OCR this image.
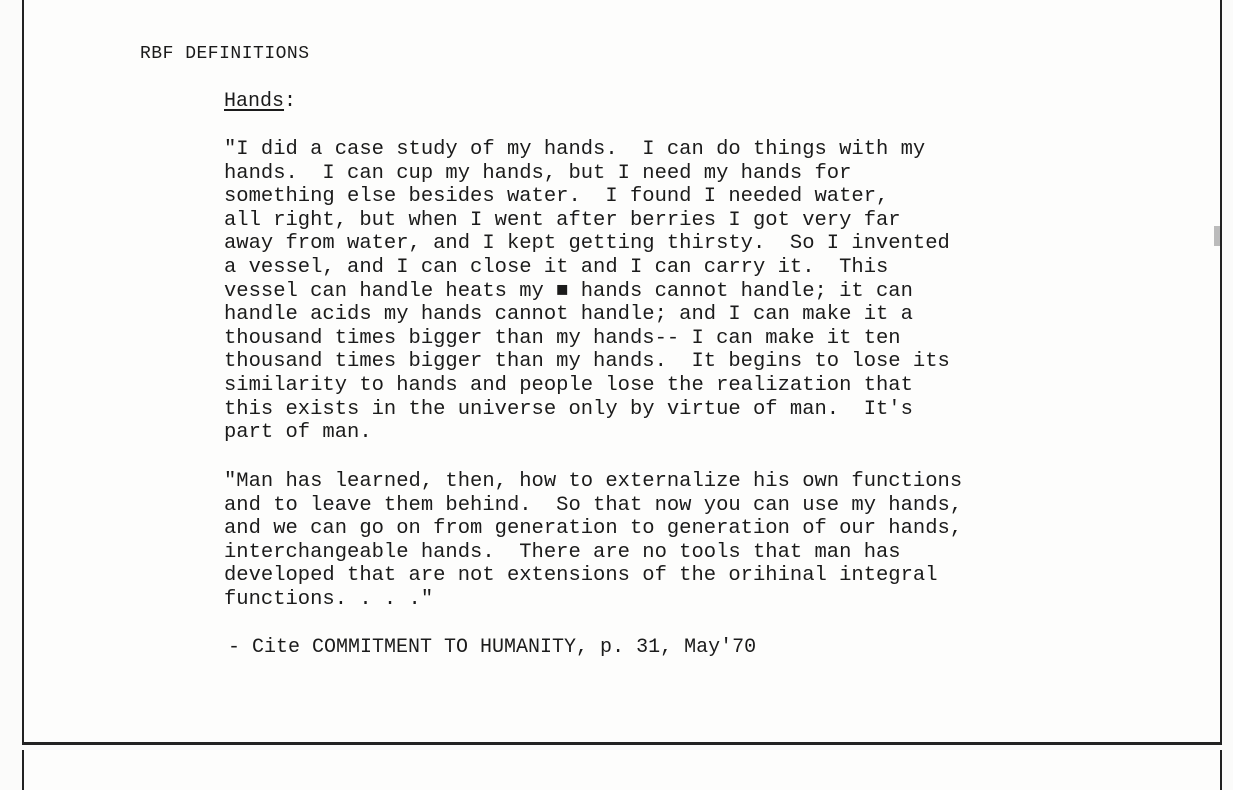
RBF DEFINITIONS
Hands:
"I did a case study of my hands.  I can do things with my
hands.  I can cup my hands, but I need my hands for
something else besides water.  I found I needed water,
all right, but when I went after berries I got very far
away from water, and I kept getting thirsty.  So I invented
a vessel, and I can close it and I can carry it.  This
vessel can handle heats my ■ hands cannot handle; it can
handle acids my hands cannot handle; and I can make it a
thousand times bigger than my hands-- I can make it ten
thousand times bigger than my hands.  It begins to lose its
similarity to hands and people lose the realization that
this exists in the universe only by virtue of man.  It's
part of man.
"Man has learned, then, how to externalize his own functions
and to leave them behind.  So that now you can use my hands,
and we can go on from generation to generation of our hands,
interchangeable hands.  There are no tools that man has
developed that are not extensions of the orihinal integral
functions. . . ."
- Cite COMMITMENT TO HUMANITY, p. 31, May'70
